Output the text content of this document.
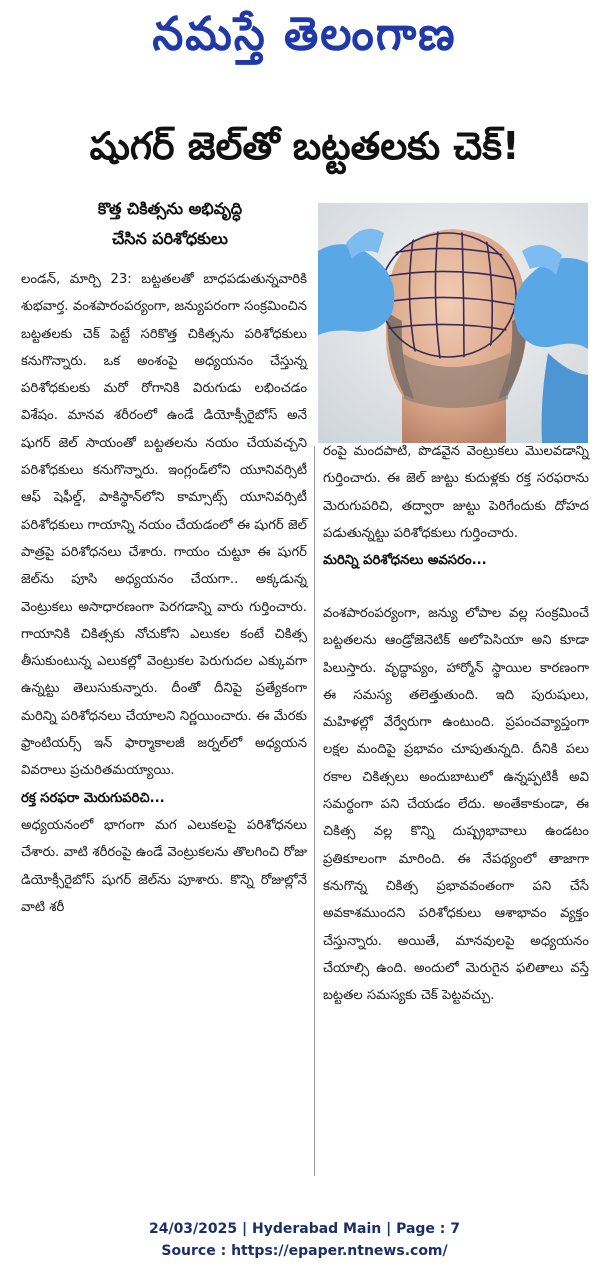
నమస్తే తెలంగాణ
షుగర్ జెల్‌తో బట్టతలకు చెక్!
కొత్త చికిత్సను అభివృద్ధి
చేసిన పరిశోధకులు

లండన్, మార్చి 23: బట్టతలతో బాధపడుతున్నవారికి శుభవార్త. వంశపారంపర్యంగా, జన్యుపరంగా సంక్రమించిన బట్టతలకు చెక్ పెట్టే సరికొత్త చికిత్సను పరిశోధకులు కనుగొన్నారు. ఒక అంశంపై అధ్యయనం చేస్తున్న పరిశోధకులకు మరో రోగానికి విరుగుడు లభించడం విశేషం. మానవ శరీరంలో ఉండే డియోక్సీరైబోస్ అనే షుగర్ జెల్ సాయంతో బట్టతలను నయం చేయవచ్చని పరిశోధకులు కనుగొన్నారు. ఇంగ్లండ్‌లోని యూనివర్సిటీ ఆఫ్ షెఫీల్డ్, పాకిస్థాన్‌లోని కామ్సాట్స్ యూనివర్సిటీ పరిశోధకులు గాయాన్ని నయం చేయడంలో ఈ షుగర్ జెల్ పాత్రపై పరిశోధనలు చేశారు. గాయం చుట్టూ ఈ షుగర్ జెల్‌ను పూసి అధ్యయనం చేయగా.. అక్కడున్న వెంట్రుకలు అసాధారణంగా పెరగడాన్ని వారు గుర్తించారు. గాయానికి చికిత్సకు నోచుకోని ఎలుకల కంటే చికిత్స తీసుకుంటున్న ఎలుకల్లో వెంట్రుకల పెరుగుదల ఎక్కువగా ఉన్నట్టు తెలుసుకున్నారు. దీంతో దీనిపై ప్రత్యేకంగా మరిన్ని పరిశోధనలు చేయాలని నిర్ణయించారు. ఈ మేరకు ఫ్రాంటియర్స్ ఇన్ ఫార్మాకాలజీ జర్నల్‌లో అధ్యయన వివరాలు ప్రచురితమయ్యాయి.

రక్త సరఫరా మెరుగుపరిచి...

అధ్యయనంలో భాగంగా మగ ఎలుకలపై పరిశోధనలు చేశారు. వాటి శరీరంపై ఉండే వెంట్రుకలను తొలగించి రోజు డియోక్సీరైబోస్ షుగర్ జెల్‌ను పూశారు. కొన్ని రోజుల్లోనే వాటి శరీ

రంపై మందపాటి, పొడవైన వెంట్రుకలు మొలవడాన్ని గుర్తించారు. ఈ జెల్ జుట్టు కుదుళ్లకు రక్త సరఫరాను మెరుగుపరిచి, తద్వారా జుట్టు పెరిగేందుకు దోహద పడుతున్నట్టు పరిశోధకులు గుర్తించారు.

మరిన్ని పరిశోధనలు అవసరం...

వంశపారంపర్యంగా, జన్యు లోపాల వల్ల సంక్రమించే బట్టతలను ఆండ్రోజెనెటిక్ అలోపెసియా అని కూడా పిలుస్తారు. వృద్ధాప్యం, హార్మోన్ స్థాయిల కారణంగా ఈ సమస్య తలెత్తుతుంది. ఇది పురుషులు, మహిళల్లో వేర్వేరుగా ఉంటుంది. ప్రపంచవ్యాప్తంగా లక్షల మందిపై ప్రభావం చూపుతున్నది. దీనికి పలు రకాల చికిత్సలు అందుబాటులో ఉన్నప్పటికీ అవి సమర్థంగా పని చేయడం లేదు. అంతేకాకుండా, ఈ చికిత్స వల్ల కొన్ని దుష్ప్రభావాలు ఉండటం ప్రతికూలంగా మారింది. ఈ నేపథ్యంలో తాజాగా కనుగొన్న చికిత్స ప్రభావవంతంగా పని చేసే అవకాశముందని పరిశోధకులు ఆశాభావం వ్యక్తం చేస్తున్నారు. అయితే, మానవులపై అధ్యయనం చేయాల్సి ఉంది. అందులో మెరుగైన ఫలితాలు వస్తే బట్టతల సమస్యకు చెక్ పెట్టవచ్చు.

24/03/2025 | Hyderabad Main | Page : 7
Source : https://epaper.ntnews.com/
